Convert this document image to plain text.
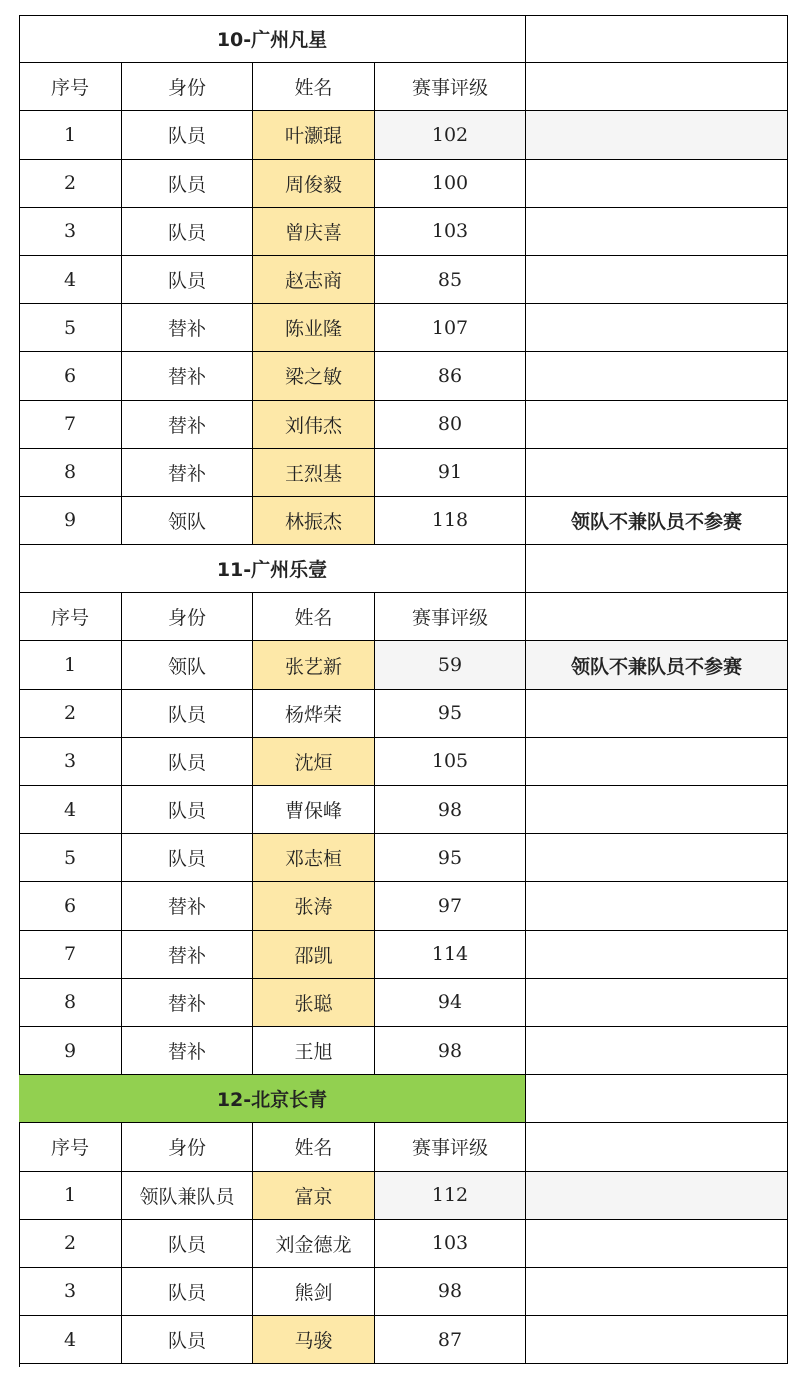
10-广州凡星
序号	身份	姓名	赛事评级
1	队员	叶灏琨	102
2	队员	周俊毅	100
3	队员	曾庆喜	103
4	队员	赵志商	85
5	替补	陈业隆	107
6	替补	梁之敏	86
7	替补	刘伟杰	80
8	替补	王烈基	91
9	领队	林振杰	118	领队不兼队员不参赛
11-广州乐壹
序号	身份	姓名	赛事评级
1	领队	张艺新	59	领队不兼队员不参赛
2	队员	杨烨荣	95
3	队员	沈烜	105
4	队员	曹保峰	98
5	队员	邓志桓	95
6	替补	张涛	97
7	替补	邵凯	114
8	替补	张聪	94
9	替补	王旭	98
12-北京长青
序号	身份	姓名	赛事评级
1	领队兼队员	富京	112
2	队员	刘金德龙	103
3	队员	熊剑	98
4	队员	马骏	87
